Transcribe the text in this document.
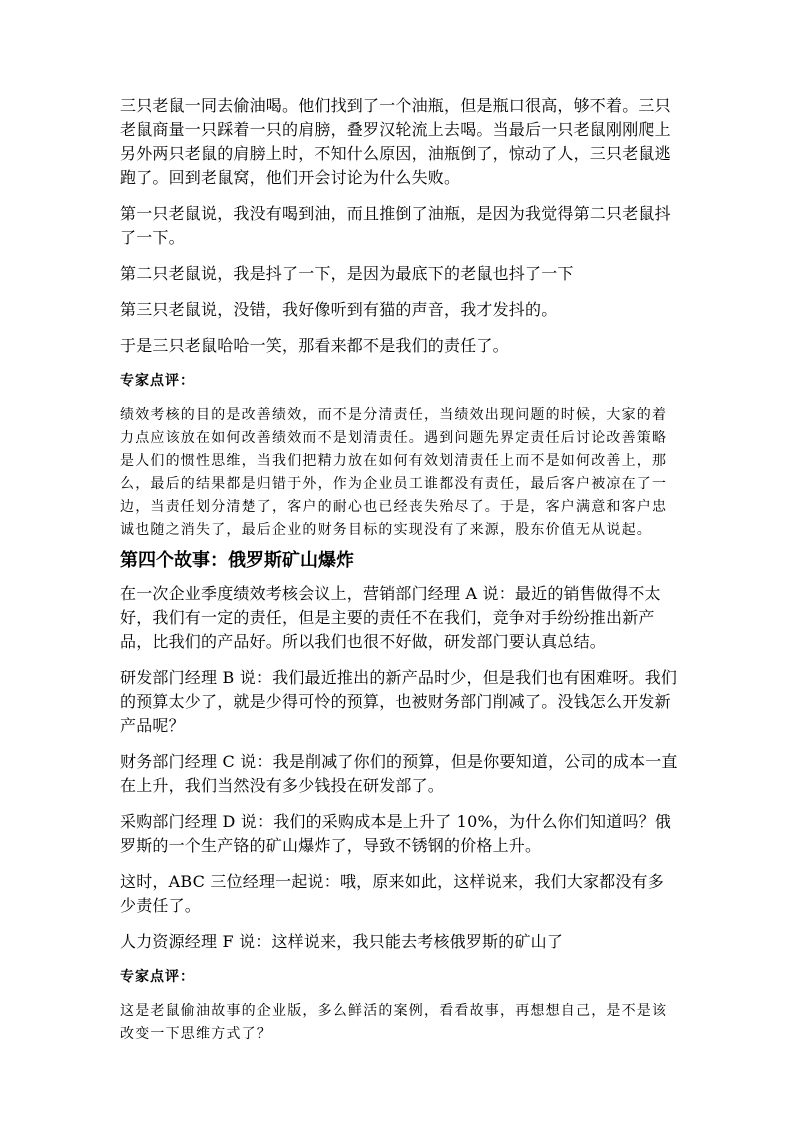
三只老鼠一同去偷油喝。他们找到了一个油瓶，但是瓶口很高，够不着。三只老鼠商量一只踩着一只的肩膀，叠罗汉轮流上去喝。当最后一只老鼠刚刚爬上另外两只老鼠的肩膀上时，不知什么原因，油瓶倒了，惊动了人，三只老鼠逃跑了。回到老鼠窝，他们开会讨论为什么失败。

第一只老鼠说，我没有喝到油，而且推倒了油瓶，是因为我觉得第二只老鼠抖了一下。

第二只老鼠说，我是抖了一下，是因为最底下的老鼠也抖了一下

第三只老鼠说，没错，我好像听到有猫的声音，我才发抖的。

于是三只老鼠哈哈一笑，那看来都不是我们的责任了。

专家点评：

绩效考核的目的是改善绩效，而不是分清责任，当绩效出现问题的时候，大家的着力点应该放在如何改善绩效而不是划清责任。遇到问题先界定责任后讨论改善策略是人们的惯性思维，当我们把精力放在如何有效划清责任上而不是如何改善上，那么，最后的结果都是归错于外，作为企业员工谁都没有责任，最后客户被凉在了一边，当责任划分清楚了，客户的耐心也已经丧失殆尽了。于是，客户满意和客户忠诚也随之消失了，最后企业的财务目标的实现没有了来源，股东价值无从说起。

第四个故事：俄罗斯矿山爆炸

在一次企业季度绩效考核会议上，营销部门经理 A 说：最近的销售做得不太好，我们有一定的责任，但是主要的责任不在我们，竞争对手纷纷推出新产品，比我们的产品好。所以我们也很不好做，研发部门要认真总结。

研发部门经理 B 说：我们最近推出的新产品时少，但是我们也有困难呀。我们的预算太少了，就是少得可怜的预算，也被财务部门削减了。没钱怎么开发新产品呢？

财务部门经理 C 说：我是削减了你们的预算，但是你要知道，公司的成本一直在上升，我们当然没有多少钱投在研发部了。

采购部门经理 D 说：我们的采购成本是上升了 10%，为什么你们知道吗？俄罗斯的一个生产铬的矿山爆炸了，导致不锈钢的价格上升。

这时，ABC 三位经理一起说：哦，原来如此，这样说来，我们大家都没有多少责任了。

人力资源经理 F 说：这样说来，我只能去考核俄罗斯的矿山了

专家点评：

这是老鼠偷油故事的企业版，多么鲜活的案例，看看故事，再想想自己，是不是该改变一下思维方式了？
